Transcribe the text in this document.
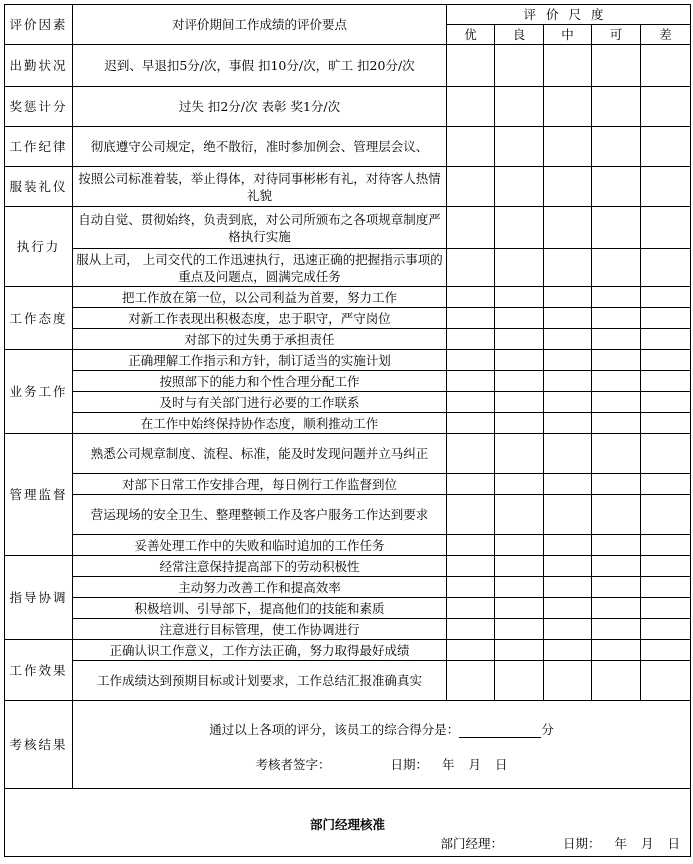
评价因素	对评价期间工作成绩的评价要点	评价尺度				
		优	良	中	可	差
出勤状况	迟到、早退扣5分/次，事假 扣10分/次，旷工 扣20分/次					
奖惩计分	过失 扣2分/次 表彰 奖1分/次					
工作纪律	彻底遵守公司规定，绝不散衍，准时参加例会、管理层会议、					
服装礼仪	按照公司标准着装，举止得体，对待同事彬彬有礼，对待客人热情礼貌					
执行力	自动自觉、贯彻始终，负责到底，对公司所颁布之各项规章制度严格执行实施					
	服从上司， 上司交代的工作迅速执行，迅速正确的把握指示事项的重点及问题点，圆满完成任务					
工作态度	把工作放在第一位，以公司利益为首要，努力工作					
	对新工作表现出积极态度，忠于职守，严守岗位					
	对部下的过失勇于承担责任					
业务工作	正确理解工作指示和方针，制订适当的实施计划					
	按照部下的能力和个性合理分配工作					
	及时与有关部门进行必要的工作联系					
	在工作中始终保持协作态度，顺利推动工作					
管理监督	熟悉公司规章制度、流程、标准，能及时发现问题并立马纠正					
	对部下日常工作安排合理，每日例行工作监督到位					
	营运现场的安全卫生、整理整顿工作及客户服务工作达到要求					
	妥善处理工作中的失败和临时追加的工作任务					
指导协调	经常注意保持提高部下的劳动积极性					
	主动努力改善工作和提高效率					
	积极培训、引导部下，提高他们的技能和素质					
	注意进行目标管理，使工作协调进行					
工作效果	正确认识工作意义，工作方法正确，努力取得最好成绩					
	工作成绩达到预期目标或计划要求，工作总结汇报准确真实					
考核结果	通过以上各项的评分，该员工的综合得分是： 分
考核者签字： 日期： 年 月 日					

部门经理核准
部门经理： 日期： 年 月 日						
